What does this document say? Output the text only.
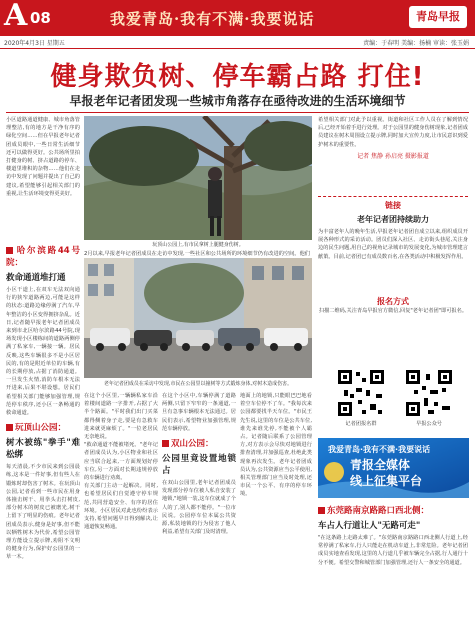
A 08	我爱青岛·我有不满·我要说话	青岛早报
2020年4月3日 星期五	责编：于春明 美编：扬楠 审读：张玉娟
健身欺负树、停车霸占路 打住!
早报老年记者团发现一些城市角落存在亟待改进的生活环境细节
小区道路通道健康、城市角落管理整洁,有的地方是干净有序的绿化空间……但在早报老年记者团成员眼中,一些日常生活细节还可以做得更好。公共场所里拍打健身的树、挤占道路的停车、楼道里堆积的杂物……他们在走访中发现了问题并提出了自己的建议,希望能够引起相关部门的重视,让生活环境变得更美好。
玩顶山公园上,有市民拿树上腿健身伤树。
哈尔滨路44号院：
救命通道堆打通
小区干道上,在双车无法双向通行的狭窄道路两边,可能是这样的状态:道路边缘停满了汽车,早年整洁的小区变得拥挤杂乱。近日,记者随早报老年记者团成员来到市北区哈尔滨路44号院,现场发现小区楼栋间的道路两侧停满了私家车,一辆接一辆。居民反映,这些车辆很多不是小区居民的,有的是附近单位的车辆,有的长期停放,占据了消防通道。一旦发生火情,消防车根本无法开进来,后果不堪设想。居民们希望相关部门能够加强管理,规范停车秩序,还小区一条畅通的救命通道。
玩顶山公园：
树木被练"拳手"难松绑
每天清晨,不少市民来到公园晨练,这本是一件好事,但有些人在锻炼时却伤害了树木。在玩顶山公园,记者看到一些市民在用身体撞击树干、用拳头击打树皮,部分树木的树皮已被磨光,树干上留下了明显的伤痕。老年记者团成员表示,健身是好事,但不能以牺牲树木为代价,希望公园管理方能设立提示牌,劝阻不文明的健身行为,保护好公园里的一草一木。
2月以来,早报老年记者团成员在走访中发现,一些社区和公共场所的环境细节仍有改进的空间。他们
老年记者团成员在采访中发现,市民在公园里以撞树等方式锻炼身体,对树木造成伤害。
在这个小区里,一辆辆私家车沿着楼间道路一字排开,占据了大半个路面。"平时我们出门买菜都得侧着身子走,要是有急救车进来就更麻烦了。"一位老居民无奈地说。
"救命通道不能被堵死。"老年记者团成员认为,小区物业和社区应当联合起来,一方面规划好停车位,另一方面对长期违规停放的车辆进行劝离。
有关部门主动一起解决。同时,也希望居民们自觉遵守停车规范,共同营造安全、有序的居住环境。小区居民对此也纷纷表示支持,希望问题早日得到解决,让通道恢复畅通。
在这个小区中,车辆停满了道路两侧,只留下窄窄的一条通道,一旦有急事车辆根本无法通过。居民们表示,希望物业加强管理,规范车辆停放。
双山公园：
公园里竟设置地锁占
在双山公园里,老年记者团成员发现部分停车位被人私自安装了地锁,"地锁一装,这车位就成了个人的了,别人都不能停。"一位市民说。公园停车位本属公共资源,私装地锁的行为侵害了他人利益,希望有关部门及时清理。
地面上的地锁,只能眼巴巴地看着空车位停不了车。"我每次来公园都要找半天车位。"市民王先生说,这里的车位是公共车位,谁先来谁先停,不能被个人霸占。记者随后联系了公园管理方,对方表示会尽快对地锁进行排查清理,并加强巡查,杜绝此类现象再次发生。老年记者团成员认为,公共资源应当公平使用,相关管理部门应当及时处理,还市民一个公平、有序的停车环境。
希望相关部门对此予以重视。街道和社区工作人员在了解到情况后,已经开始着手进行处理。对于公园里的健身伤树现象,记者团成员建议在树木周围设立提示牌,同时加大宣传力度,让市民意识到爱护树木的重要性。
记者 焦静 孙启亮 摄影报道
链接
老年记者团持续助力
为丰富老年人的晚年生活,早报老年记者团自成立以来,组织成员开展各种形式的采访活动。团员们深入社区、走访街头巷尾,关注身边的民生问题,用自己的视角记录城市的发展变化,为城市管理建言献策。目前,记者团已有成员数百名,在各类活动中积极发挥作用。
报名方式
扫描二维码,关注青岛早报官方微信,回复"老年记者团"即可报名。
记者团报名群	早报公众号
我爱青岛·我有不满·我要说话
青报全媒体
线上征集平台
东莞路南京路路口西北侧：
车占人行道让人"无路可走"
"在这条路上走路太难了。"东莞路南京路路口西北侧人行道上,经常停满了私家车,行人只能走在机动车道上,非常危险。老年记者团成员实地查看发现,这里的人行道几乎被车辆完全占据,行人通行十分不便。希望交警和城管部门加强管理,还行人一条安全的通道。
